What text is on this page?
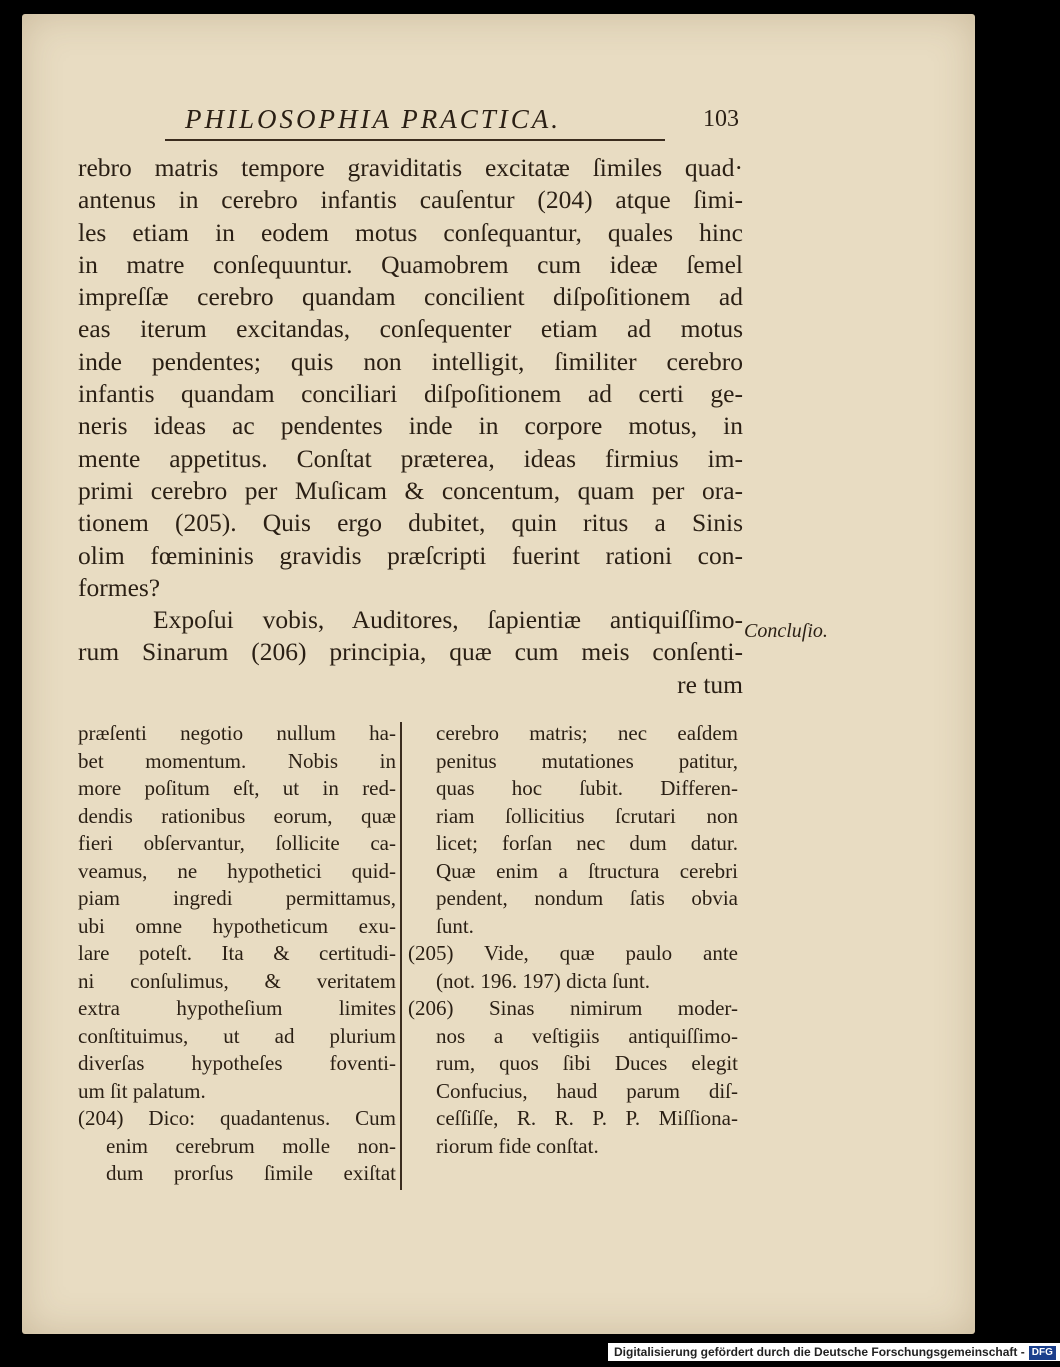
PHILOSOPHIA PRACTICA.	103
rebro matris tempore graviditatis excitatæ ſimiles quad·
antenus in cerebro infantis cauſentur (204) atque ſimi-
les etiam in eodem motus conſequantur, quales hinc
in matre conſequuntur. Quamobrem cum ideæ ſemel
impreſſæ cerebro quandam concilient diſpoſitionem ad
eas iterum excitandas, conſequenter etiam ad motus
inde pendentes; quis non intelligit, ſimiliter cerebro
infantis quandam conciliari diſpoſitionem ad certi ge-
neris ideas ac pendentes inde in corpore motus, in
mente appetitus. Conſtat præterea, ideas firmius im-
primi cerebro per Muſicam & concentum, quam per ora-
tionem (205). Quis ergo dubitet, quin ritus a Sinis
olim fœmininis gravidis præſcripti fuerint rationi con-
formes?
Expoſui vobis, Auditores, ſapientiæ antiquiſſimo-
rum Sinarum (206) principia, quæ cum meis conſenti-
re tum
Concluſio.
præſenti negotio nullum ha-
bet momentum. Nobis in
more poſitum eſt, ut in red-
dendis rationibus eorum, quæ
fieri obſervantur, ſollicite ca-
veamus, ne hypothetici quid-
piam ingredi permittamus,
ubi omne hypotheticum exu-
lare poteſt. Ita & certitudi-
ni conſulimus, & veritatem
extra hypotheſium limites
conſtituimus, ut ad plurium
diverſas hypotheſes foventi-
um ſit palatum.
(204) Dico: quadantenus. Cum
enim cerebrum molle non-
dum prorſus ſimile exiſtat
cerebro matris; nec eaſdem
penitus mutationes patitur,
quas hoc ſubit. Differen-
riam ſollicitius ſcrutari non
licet; forſan nec dum datur.
Quæ enim a ſtructura cerebri
pendent, nondum ſatis obvia
ſunt.
(205) Vide, quæ paulo ante
(not. 196. 197) dicta ſunt.
(206) Sinas nimirum moder-
nos a veſtigiis antiquiſſimo-
rum, quos ſibi Duces elegit
Confucius, haud parum diſ-
ceſſiſſe, R. R. P. P. Miſſiona-
riorum fide conſtat.
Digitalisierung gefördert durch die Deutsche Forschungsgemeinschaft - DFG
